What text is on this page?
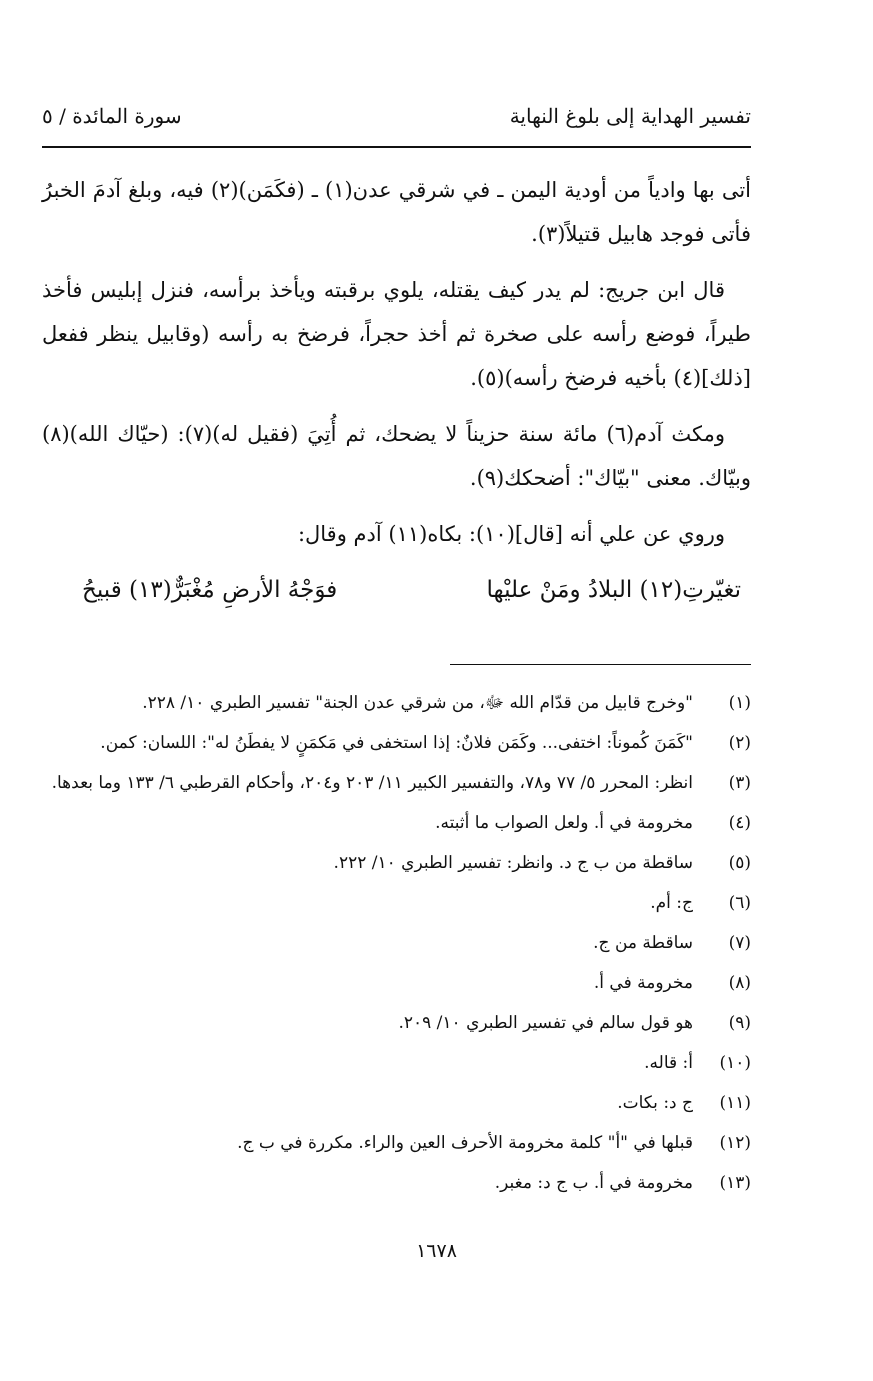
تفسير الهداية إلى بلوغ النهاية
سورة المائدة / ٥

أتى بها وادياً من أودية اليمن ـ في شرقي عدن(١) ـ (فكَمَن)(٢) فيه، وبلغ آدمَ الخبرُ فأتى فوجد هابيل قتيلاً(٣).

قال ابن جريج: لم يدر كيف يقتله، يلوي برقبته ويأخذ برأسه، فنزل إبليس فأخذ طيراً، فوضع رأسه على صخرة ثم أخذ حجراً، فرضخ به رأسه (وقابيل ينظر ففعل [ذلك](٤) بأخيه فرضخ رأسه)(٥).

ومكث آدم(٦) مائة سنة حزيناً لا يضحك، ثم أُتِيَ (فقيل له)(٧): (حيّاك الله)(٨) وبيّاك. معنى "بيّاك": أضحكك(٩).

وروي عن علي أنه [قال](١٠): بكاه(١١) آدم وقال:

تغيّرتِ(١٢) البلادُ ومَنْ عليْها
فوَجْهُ الأرضِ مُغْبَرٌّ(١٣) قبيحُ
(١)
"وخرج قابيل من قدّام الله ﷻ، من شرقي عدن الجنة" تفسير الطبري ١٠/ ٢٢٨.
(٢)
"كَمَنَ كُموناً: اختفى... وكَمَن فلانٌ: إذا استخفى في مَكمَنٍ لا يفطَنُ له": اللسان: كمن.
(٣)
انظر: المحرر ٥/ ٧٧ و٧٨، والتفسير الكبير ١١/ ٢٠٣ و٢٠٤، وأحكام القرطبي ٦/ ١٣٣ وما بعدها.
(٤)
مخرومة في أ. ولعل الصواب ما أثبته.
(٥)
ساقطة من ب ج د. وانظر: تفسير الطبري ١٠/ ٢٢٢.
(٦)
ج: أم.
(٧)
ساقطة من ج.
(٨)
مخرومة في أ.
(٩)
هو قول سالم في تفسير الطبري ١٠/ ٢٠٩.
(١٠)
أ: قاله.
(١١)
ج د: بكات.
(١٢)
قبلها في "أ" كلمة مخرومة الأحرف العين والراء. مكررة في ب ج.
(١٣)
مخرومة في أ. ب ج د: مغبر.
١٦٧٨
